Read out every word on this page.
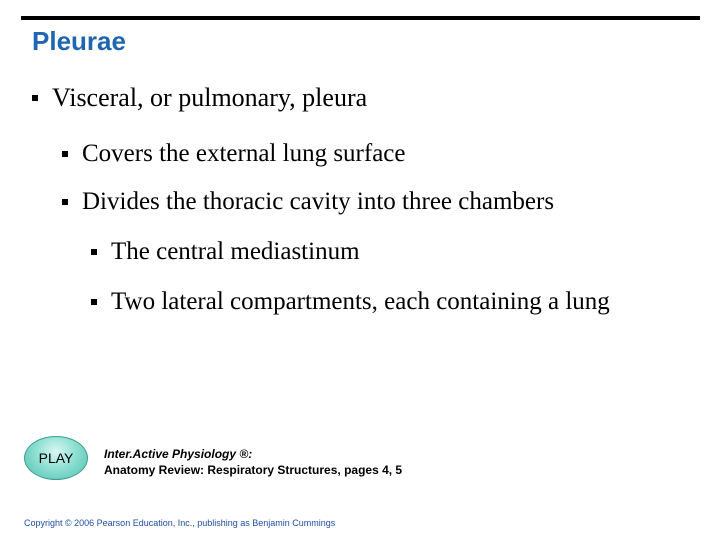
Pleurae
Visceral, or pulmonary, pleura
Covers the external lung surface
Divides the thoracic cavity into three chambers
The central mediastinum
Two lateral compartments, each containing a lung
PLAY	Inter.Active Physiology ®:
Anatomy Review: Respiratory Structures, pages 4, 5
Copyright © 2006 Pearson Education, Inc., publishing as Benjamin Cummings
